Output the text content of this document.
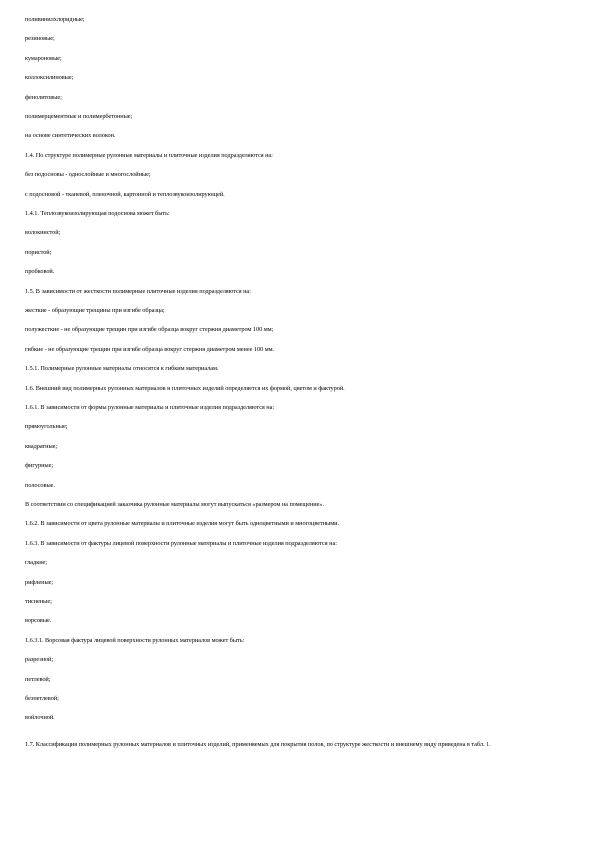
поливинилхлоридные;
резиновые;
кумароновые;
коллоксилиновые;
фенолитовые;
полимерцементные и полимербетонные;
на основе синтетических волокон.
1.4. По структуре полимерные рулонные материалы и плиточные изделия подразделяются на:
без подосновы - однослойные и многослойные;
с подосновой - тканевой, пленочной, картонной и теплозвукоизолирующей.
1.4.1. Теплозвукоизолирующая подоснова может быть:
волокнистой;
пористой;
пробковой.
1.5. В зависимости от жесткости полимерные плиточные изделия подразделяются на:
жесткие - образующие трещины при изгибе образца;
полужесткие - не образующие трещин при изгибе образца вокруг стержня диаметром 100 мм;
гибкие - не образующие трещин при изгибе образца вокруг стержня диаметром менее 100 мм.
1.5.1. Полимерные рулонные материалы относятся к гибким материалам.
1.6. Внешний вид полимерных рулонных материалов и плиточных изделий определяется их формой, цветом и фактурой.
1.6.1. В зависимости от формы рулонные материалы и плиточные изделия подразделяются на:
прямоугольные;
квадратные;
фигурные;
полосовые.
В соответствии со спецификацией заказчика рулонные материалы могут выпускаться «размером на помещение».
1.6.2. В зависимости от цвета рулонные материалы и плиточные изделия могут быть одноцветными и многоцветными.
1.6.3. В зависимости от фактуры лицевой поверхности рулонные материалы и плиточные изделия подразделяются на:
гладкие;
рифленые;
тисненые;
ворсовые.
1.6.3.1. Ворсовая фактура лицевой поверхности рулонных материалов может быть:
разрезной;
петлевой;
безпетлевой;
войлочной.
1.7. Классификация полимерных рулонных материалов и плиточных изделий, применяемых для покрытия полов, по структуре жесткости и внешнему виду приведена в табл. 1.
